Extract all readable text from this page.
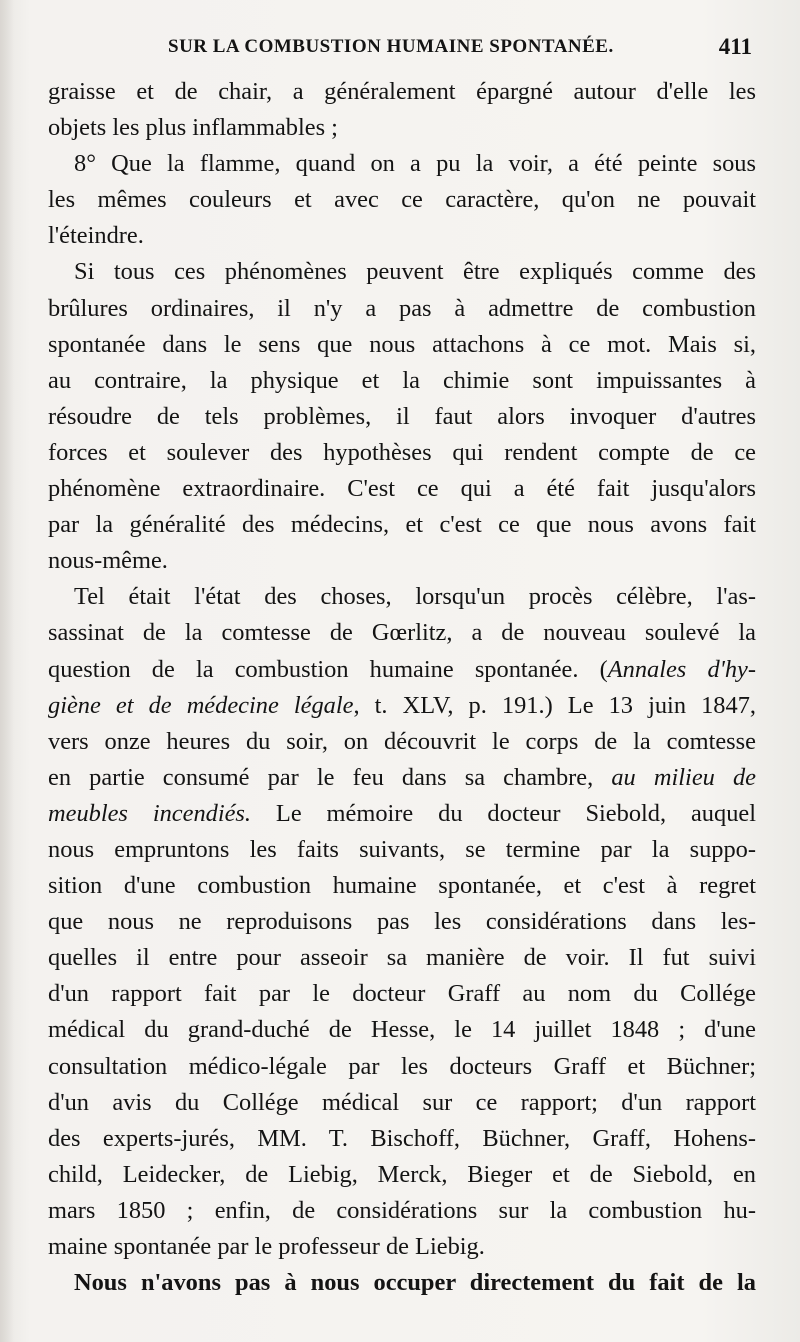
SUR LA COMBUSTION HUMAINE SPONTANÉE.	411
graisse et de chair, a généralement épargné autour d'elle les
objets les plus inflammables ;
8° Que la flamme, quand on a pu la voir, a été peinte sous
les mêmes couleurs et avec ce caractère, qu'on ne pouvait
l'éteindre.
Si tous ces phénomènes peuvent être expliqués comme des
brûlures ordinaires, il n'y a pas à admettre de combustion
spontanée dans le sens que nous attachons à ce mot. Mais si,
au contraire, la physique et la chimie sont impuissantes à
résoudre de tels problèmes, il faut alors invoquer d'autres
forces et soulever des hypothèses qui rendent compte de ce
phénomène extraordinaire. C'est ce qui a été fait jusqu'alors
par la généralité des médecins, et c'est ce que nous avons fait
nous-même.
Tel était l'état des choses, lorsqu'un procès célèbre, l'as-
sassinat de la comtesse de Gœrlitz, a de nouveau soulevé la
question de la combustion humaine spontanée. (Annales d'hy-
giène et de médecine légale, t. XLV, p. 191.) Le 13 juin 1847,
vers onze heures du soir, on découvrit le corps de la comtesse
en partie consumé par le feu dans sa chambre, au milieu de
meubles incendiés. Le mémoire du docteur Siebold, auquel
nous empruntons les faits suivants, se termine par la suppo-
sition d'une combustion humaine spontanée, et c'est à regret
que nous ne reproduisons pas les considérations dans les-
quelles il entre pour asseoir sa manière de voir. Il fut suivi
d'un rapport fait par le docteur Graff au nom du Collége
médical du grand-duché de Hesse, le 14 juillet 1848 ; d'une
consultation médico-légale par les docteurs Graff et Büchner;
d'un avis du Collége médical sur ce rapport; d'un rapport
des experts-jurés, MM. T. Bischoff, Büchner, Graff, Hohens-
child, Leidecker, de Liebig, Merck, Bieger et de Siebold, en
mars 1850 ; enfin, de considérations sur la combustion hu-
maine spontanée par le professeur de Liebig.
Nous n'avons pas à nous occuper directement du fait de la
